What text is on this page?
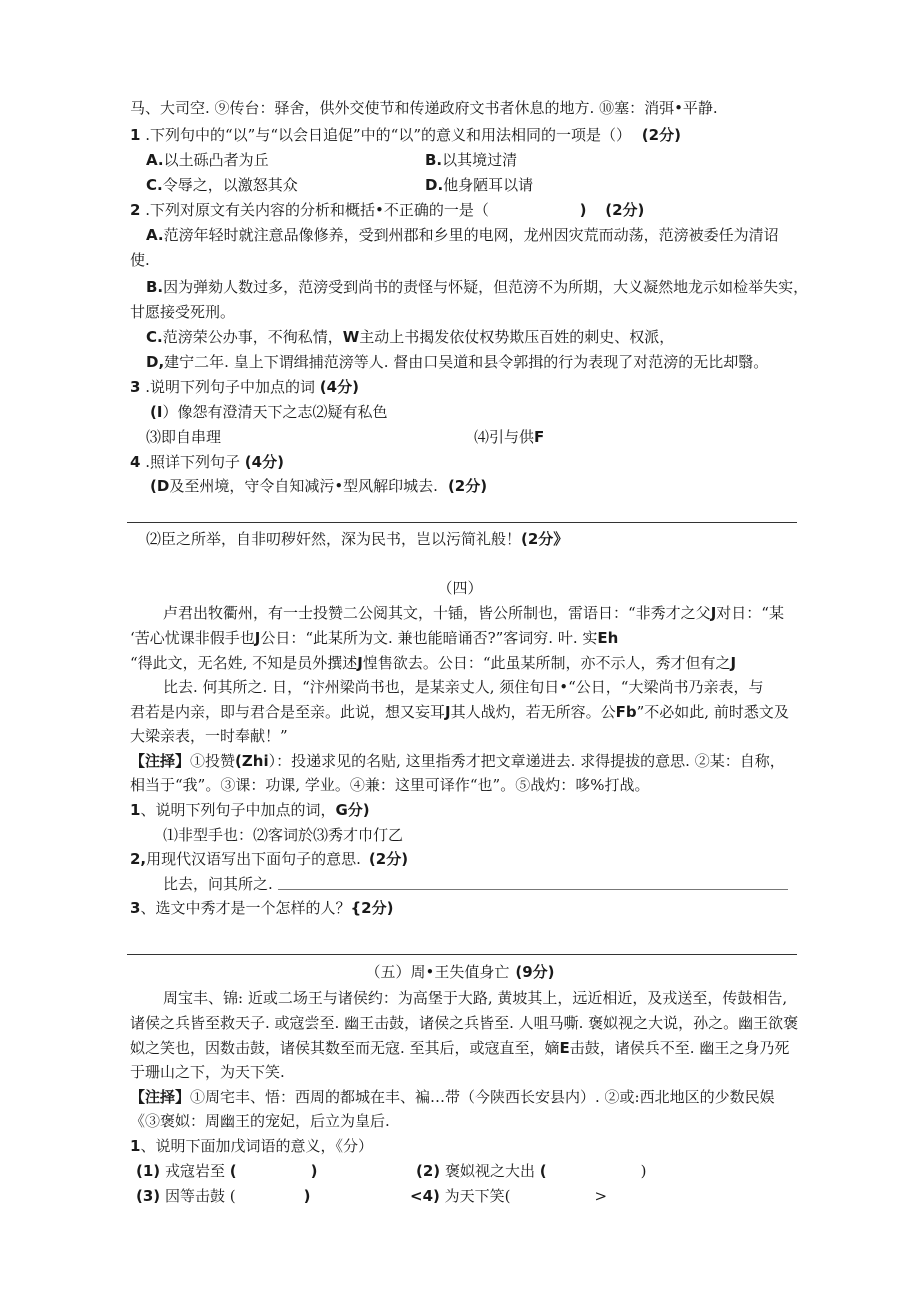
马、大司空. ⑨传台：驿舍，供外交使节和传递政府文书者休息的地方. ⑩塞：消弭•平静.
1 .下列句中的“以”与“以会日追促”中的“以”的意义和用法相同的一项是（） (2分)
A.以土砾凸者为丘	B.以其境过清
C.令辱之，以激怒其众	D.他身陋耳以请
2 .下列对原文有关内容的分析和概括•不正确的一是（	) (2分)
A.范滂年轻时就注意品像修养，受到州郡和乡里的电网，龙州因灾荒而动荡，范滂被委任为清诏
使.
B.因为弹劾人数过多，范滂受到尚书的责怪与怀疑，但范滂不为所期，大义凝然地龙示如检举失实，
甘愿接受死刑。
C.范滂荣公办事，不徇私情，W主动上书揭发依仗权势欺压百姓的刺史、权派，
D,建宁二年. 皇上下谓缉捕范滂等人. 督由口吴道和县令郭揖的行为表现了对范滂的无比却翳。
3 .说明下列句子中加点的词 (4分)
(I）像怨有澄清天下之志⑵疑有私色
⑶即自串理	⑷引与供F
4 .照详下列句子 (4分)
(D及至州境，守令自知减污•型风解印城去. (2分)
⑵臣之所举，自非叨秽奸然，深为民书，岂以污简礼般！(2分》
（四）
卢君出牧衢州，有一士投赞二公阅其文，十锸，皆公所制也，雷语日：“非秀才之父J对日：“某
‘苦心忧课非假手也J公日：“此某所为文. 兼也能暗诵否?”客词穷. 叶. 实Eh
“得此文，无名姓, 不知是员外撰述J惶售欲去。公日：“此虽某所制，亦不示人，秀才但有之J
比去. 何其所之. 日，“汴州梁尚书也，是某亲丈人, 须住旬日•“公日，“大梁尚书乃亲表，与
君若是内亲，即与君合是至亲。此说，想又妄耳J其人战灼，若无所容。公Fb”不必如此, 前时悉文及
大梁亲表，一时奉献！”
【注择】①投赞(Zhi）：投递求见的名贴, 这里指秀才把文章递进去. 求得提拔的意思. ②某：自称，
相当于“我”。③课：功课, 学业。④兼：这里可译作“也”。⑤战灼：哆%打战。
1、说明下列句子中加点的词，G分)
⑴非型手也：⑵客词於⑶秀才巾仃乙
2,用现代汉语写出下面句子的意思. (2分)
比去，问其所之.
3、选文中秀才是一个怎样的人？{2分)
（五）周•王失值身亡 (9分)
周宝丰、锦: 近或二场王与诸侯约：为高堡于大路, 黄坡其上，远近相近，及戎送至，传鼓相告,
诸侯之兵皆至救天子. 或寇尝至. 幽王击鼓，诸侯之兵皆至. 人咀马嘶. 褒姒视之大说，孙之。幽王欲褒
姒之笑也，因数击鼓，诸侯其数至而无寇. 至其后，或寇直至，嫡E击鼓，诸侯兵不至. 幽王之身乃死
于珊山之下，为天下笑.
【注择】①周宅丰、悟：西周的都城在丰、褊…带（今陕西长安县内）. ②或:西北地区的少数民娱
《③褒姒：周幽王的宠妃，后立为皇后.
1、说明下面加戊词语的意义，《分）
(1) 戎寇岩至 (	)	(2) 褒姒视之大出 (	)
(3) 因等击鼓 (	)	<4) 为天下笑(	>
